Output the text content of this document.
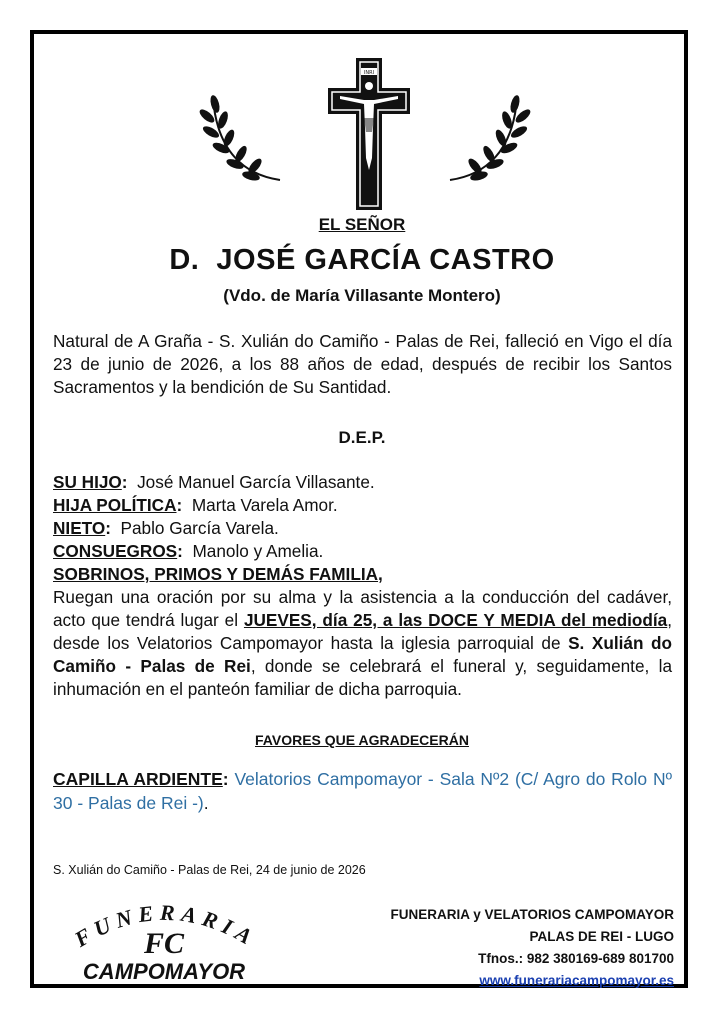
INRI
EL SEÑOR
D.  JOSÉ GARCÍA CASTRO
(Vdo. de María Villasante Montero)
Natural de A Graña - S. Xulián do Camiño - Palas de Rei, falleció en Vigo el día 23 de junio de 2026, a los 88 años de edad, después de recibir los Santos Sacramentos y la bendición de Su Santidad.
D.E.P.
SU HIJO: José Manuel García Villasante.
HIJA POLÍTICA: Marta Varela Amor.
NIETO: Pablo García Varela.
CONSUEGROS: Manolo y Amelia.
SOBRINOS, PRIMOS Y DEMÁS FAMILIA,
Ruegan una oración por su alma y la asistencia a la conducción del cadáver, acto que tendrá lugar el JUEVES, día 25, a las DOCE Y MEDIA del mediodía, desde los Velatorios Campomayor hasta la iglesia parroquial de S. Xulián do Camiño - Palas de Rei, donde se celebrará el funeral y, seguidamente, la inhumación en el panteón familiar de dicha parroquia.
FAVORES QUE AGRADECERÁN
CAPILLA ARDIENTE: Velatorios Campomayor - Sala Nº2 (C/ Agro do Rolo Nº 30 - Palas de Rei -).
S. Xulián do Camiño - Palas de Rei, 24 de junio de 2026
FUNERARIA
FC
CAMPOMAYOR
FUNERARIA y VELATORIOS CAMPOMAYOR
PALAS DE REI - LUGO
Tfnos.: 982 380169-689 801700
www.funerariacampomayor.es
